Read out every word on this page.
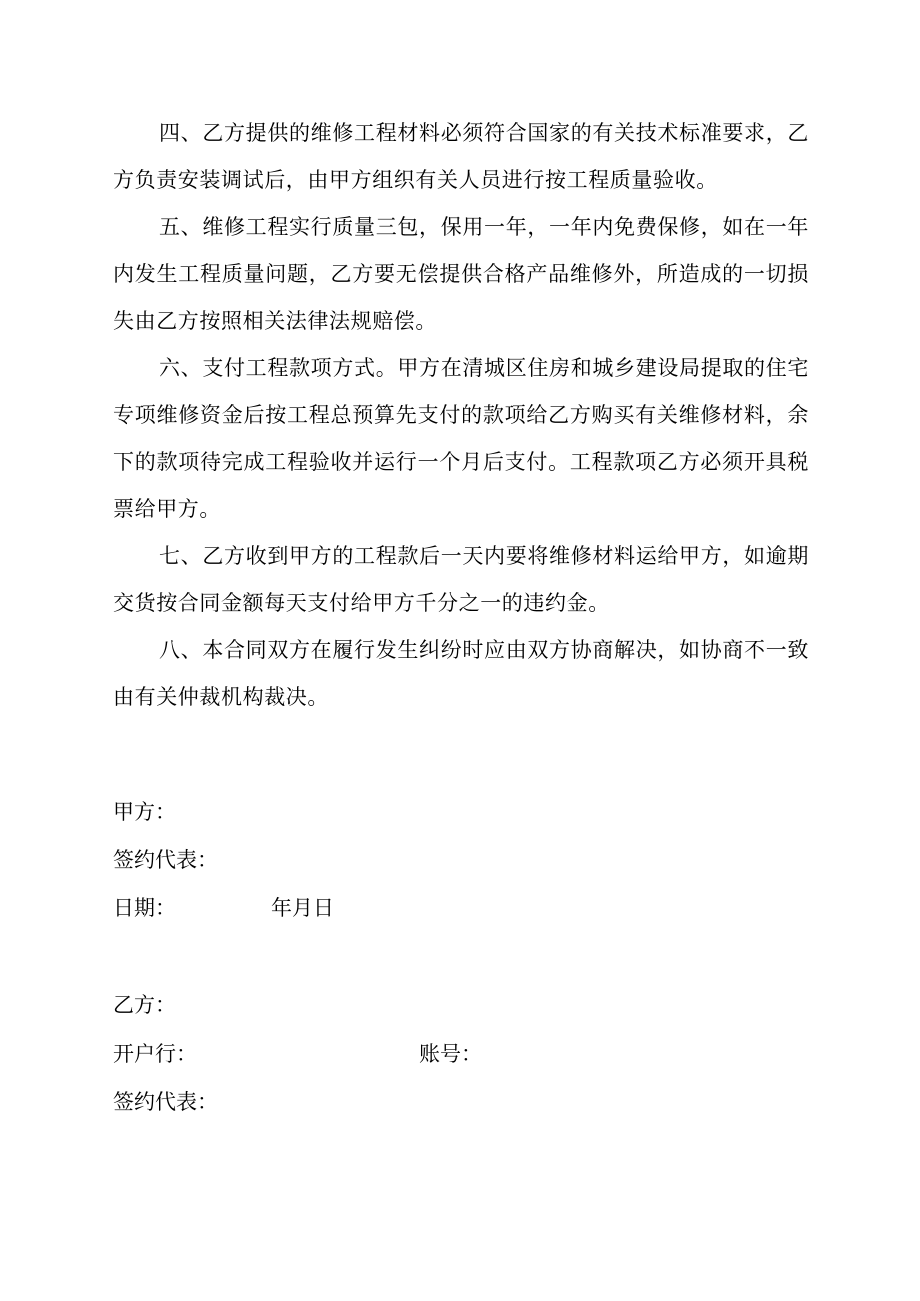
四、乙方提供的维修工程材料必须符合国家的有关技术标准要求，乙方负责安装调试后，由甲方组织有关人员进行按工程质量验收。

五、维修工程实行质量三包，保用一年，一年内免费保修，如在一年内发生工程质量问题，乙方要无偿提供合格产品维修外，所造成的一切损失由乙方按照相关法律法规赔偿。

六、支付工程款项方式。甲方在清城区住房和城乡建设局提取的住宅专项维修资金后按工程总预算先支付的款项给乙方购买有关维修材料，余下的款项待完成工程验收并运行一个月后支付。工程款项乙方必须开具税票给甲方。

七、乙方收到甲方的工程款后一天内要将维修材料运给甲方，如逾期交货按合同金额每天支付给甲方千分之一的违约金。

八、本合同双方在履行发生纠纷时应由双方协商解决，如协商不一致由有关仲裁机构裁决。

甲方：
签约代表：
日期：	年月日
乙方：
开户行：	账号：
签约代表：
